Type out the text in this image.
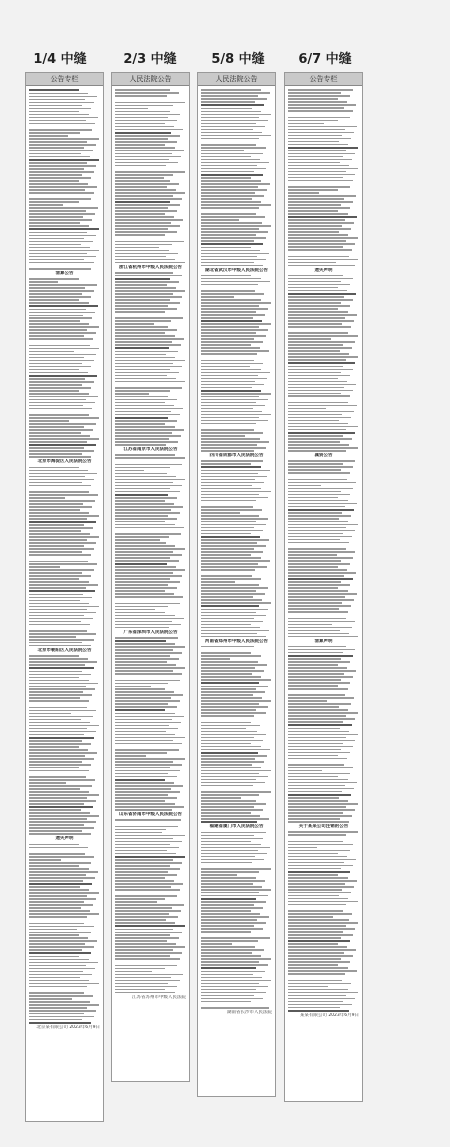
1/4 中缝	2/3 中缝	5/8 中缝	6/7 中缝
公告专栏
清算公告
北京市海淀区人民法院公告
北京市朝阳区人民法院公告
遗失声明
北京某有限公司 2023年6月9日
人民法院公告
浙江省杭州市中级人民法院公告
江苏省南京市人民法院公告
广东省深圳市人民法院公告
山东省济南市中级人民法院公告
江苏省苏州市中级人民法院
人民法院公告
湖北省武汉市中级人民法院公告
四川省成都市人民法院公告
河南省郑州市中级人民法院公告
福建省厦门市人民法院公告
湖南省长沙市人民法院
公告专栏
遗失声明
减资公告
清算声明
关于某某公司注销的公告
某某有限公司 2023年6月9日
